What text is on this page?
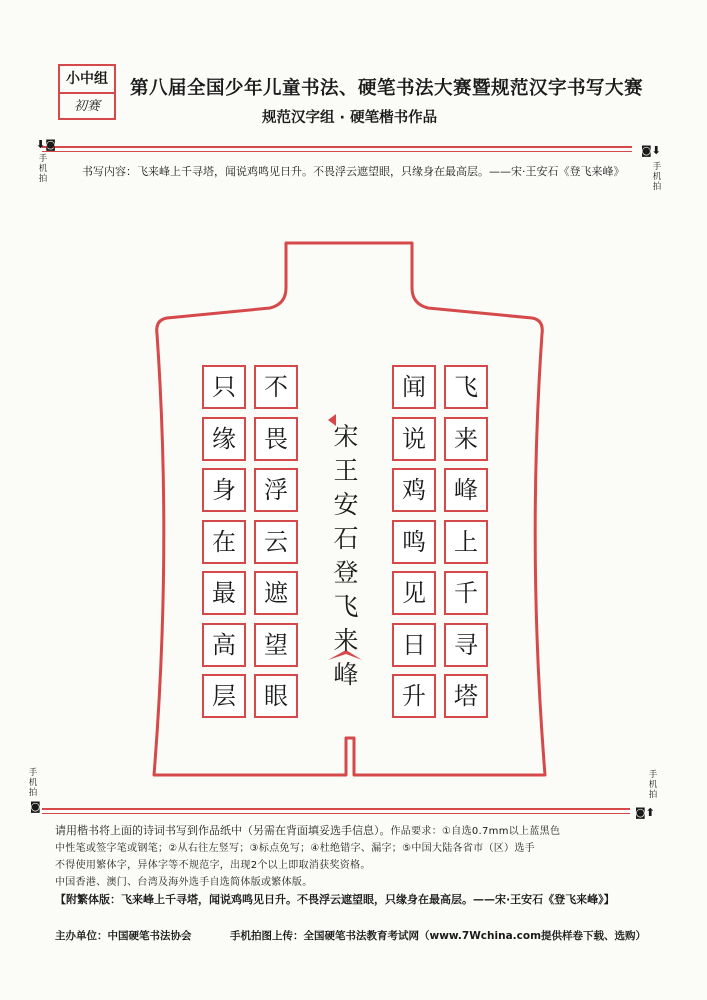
小中组
初赛
第八届全国少年儿童书法、硬笔书法大赛暨规范汉字书写大赛
规范汉字组 · 硬笔楷书作品
⬇◙
手机拍
◙⬇
手机拍
书写内容：飞来峰上千寻塔，闻说鸡鸣见日升。不畏浮云遮望眼，只缘身在最高层。——宋·王安石《登飞来峰》
飞
来
峰
上
千
寻
塔
闻
说
鸡
鸣
见
日
升
不
畏
浮
云
遮
望
眼
只
缘
身
在
最
高
层
宋
王
安
石
登
飞
来
峰
手机拍
◙
手机拍
◙⬆
请用楷书将上面的诗词书写到作品纸中（另需在背面填妥选手信息）。作品要求：①自选0.7mm以上蓝黑色
中性笔或签字笔或钢笔；②从右往左竖写；③标点免写；④杜绝错字、漏字；⑤中国大陆各省市（区）选手
不得使用繁体字，异体字等不规范字，出现2个以上即取消获奖资格。
中国香港、澳门、台湾及海外选手自选简体版或繁体版。
【附繁体版：飞来峰上千寻塔，闻说鸡鸣见日升。不畏浮云遮望眼，只缘身在最高层。——宋·王安石《登飞来峰》】
主办单位：中国硬笔书法协会	手机拍图上传：全国硬笔书法教育考试网（www.7Wchina.com提供样卷下载、选购）
